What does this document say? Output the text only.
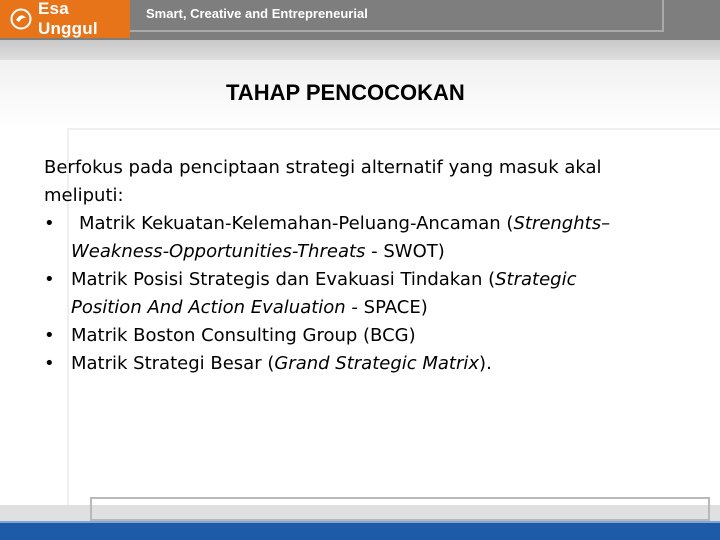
Esa Unggul
Smart, Creative and Entrepreneurial
TAHAP PENCOCOKAN

Berfokus pada penciptaan strategi alternatif yang masuk akal
meliputi:

• Matrik Kekuatan-Kelemahan-Peluang-Ancaman (Strenghts–
Weakness-Opportunities-Threats - SWOT)
• Matrik Posisi Strategis dan Evakuasi Tindakan (Strategic
Position And Action Evaluation - SPACE)
• Matrik Boston Consulting Group (BCG)
• Matrik Strategi Besar (Grand Strategic Matrix).
